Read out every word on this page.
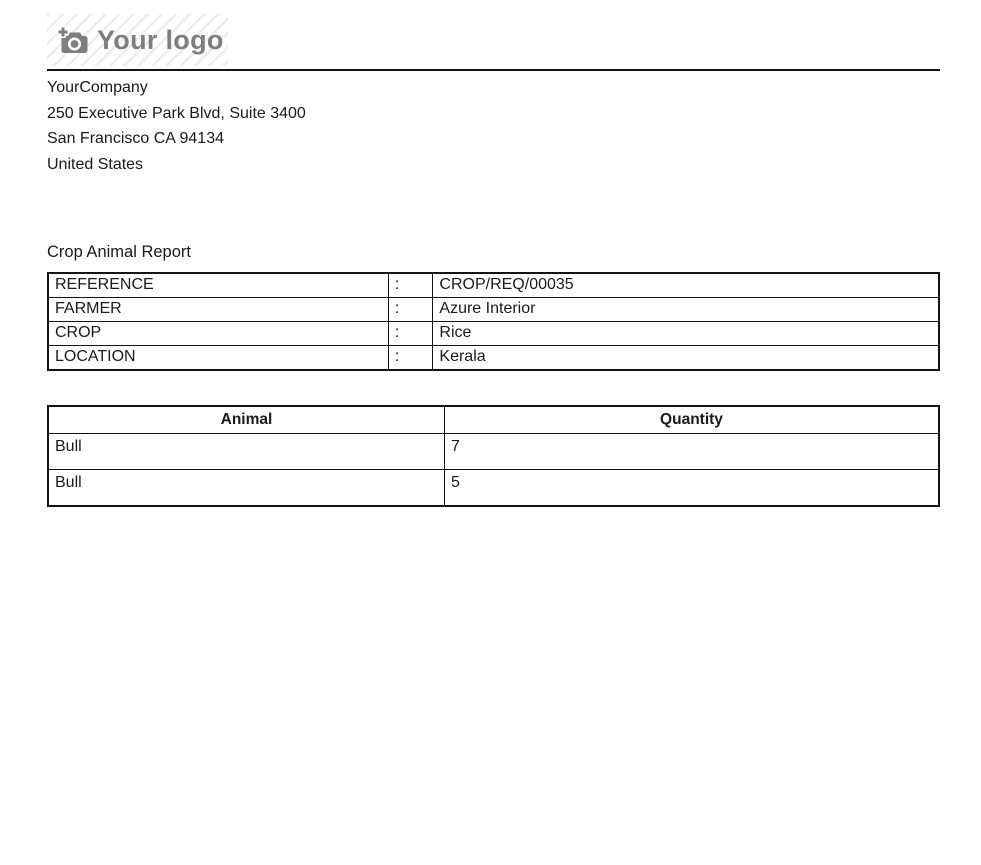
Your logo
YourCompany
250 Executive Park Blvd, Suite 3400
San Francisco CA 94134
United States
Crop Animal Report
REFERENCE	:	CROP/REQ/00035
FARMER	:	Azure Interior
CROP	:	Rice
LOCATION	:	Kerala
Animal	Quantity
Bull	7
Bull	5
